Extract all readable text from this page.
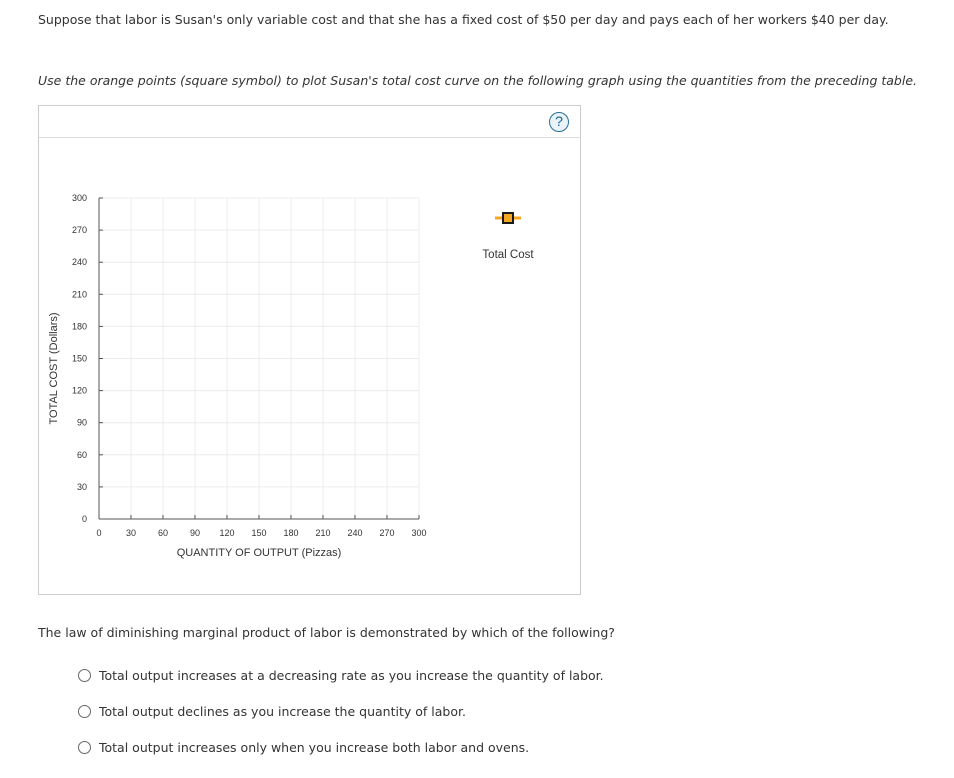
Suppose that labor is Susan's only variable cost and that she has a fixed cost of $50 per day and pays each of her workers $40 per day.
Use the orange points (square symbol) to plot Susan's total cost curve on the following graph using the quantities from the preceding table.
?
0
30
60
90
120
150
180
210
240
270
300
0	30 60 90 120 150 180 210 240 270 300
QUANTITY OF OUTPUT (Pizzas)
TOTAL COST (Dollars)
Total Cost
The law of diminishing marginal product of labor is demonstrated by which of the following?
Total output increases at a decreasing rate as you increase the quantity of labor.
Total output declines as you increase the quantity of labor.
Total output increases only when you increase both labor and ovens.
